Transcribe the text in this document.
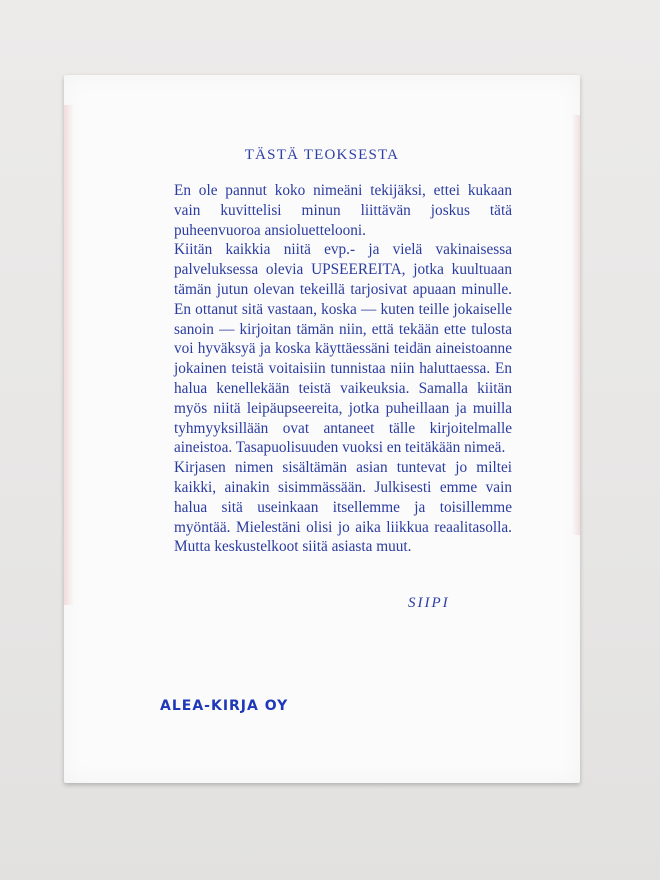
TÄSTÄ TEOKSESTA

En ole pannut koko nimeäni tekijäksi, ettei kukaan vain kuvittelisi minun liittävän joskus tätä puheenvuoroa ansioluettelooni.

Kiitän kaikkia niitä evp.- ja vielä vakinaisessa palveluksessa olevia UPSEEREITA, jotka kuultuaan tämän jutun olevan tekeillä tarjosivat apuaan minulle. En ottanut sitä vastaan, koska — kuten teille jokaiselle sanoin — kirjoitan tämän niin, että tekään ette tulosta voi hyväksyä ja koska käyttäessäni teidän aineistoanne jokainen teistä voitaisiin tunnistaa niin haluttaessa. En halua kenellekään teistä vaikeuksia. Samalla kiitän myös niitä leipäupseereita, jotka puheillaan ja muilla tyhmyyksillään ovat antaneet tälle kirjoitelmalle aineistoa. Tasapuolisuuden vuoksi en teitäkään nimeä.

Kirjasen nimen sisältämän asian tuntevat jo miltei kaikki, ainakin sisimmässään. Julkisesti emme vain halua sitä useinkaan itsellemme ja toisillemme myöntää. Mielestäni olisi jo aika liikkua reaalitasolla. Mutta keskustelkoot siitä asiasta muut.

SIIPI
ALEA-KIRJA OY
